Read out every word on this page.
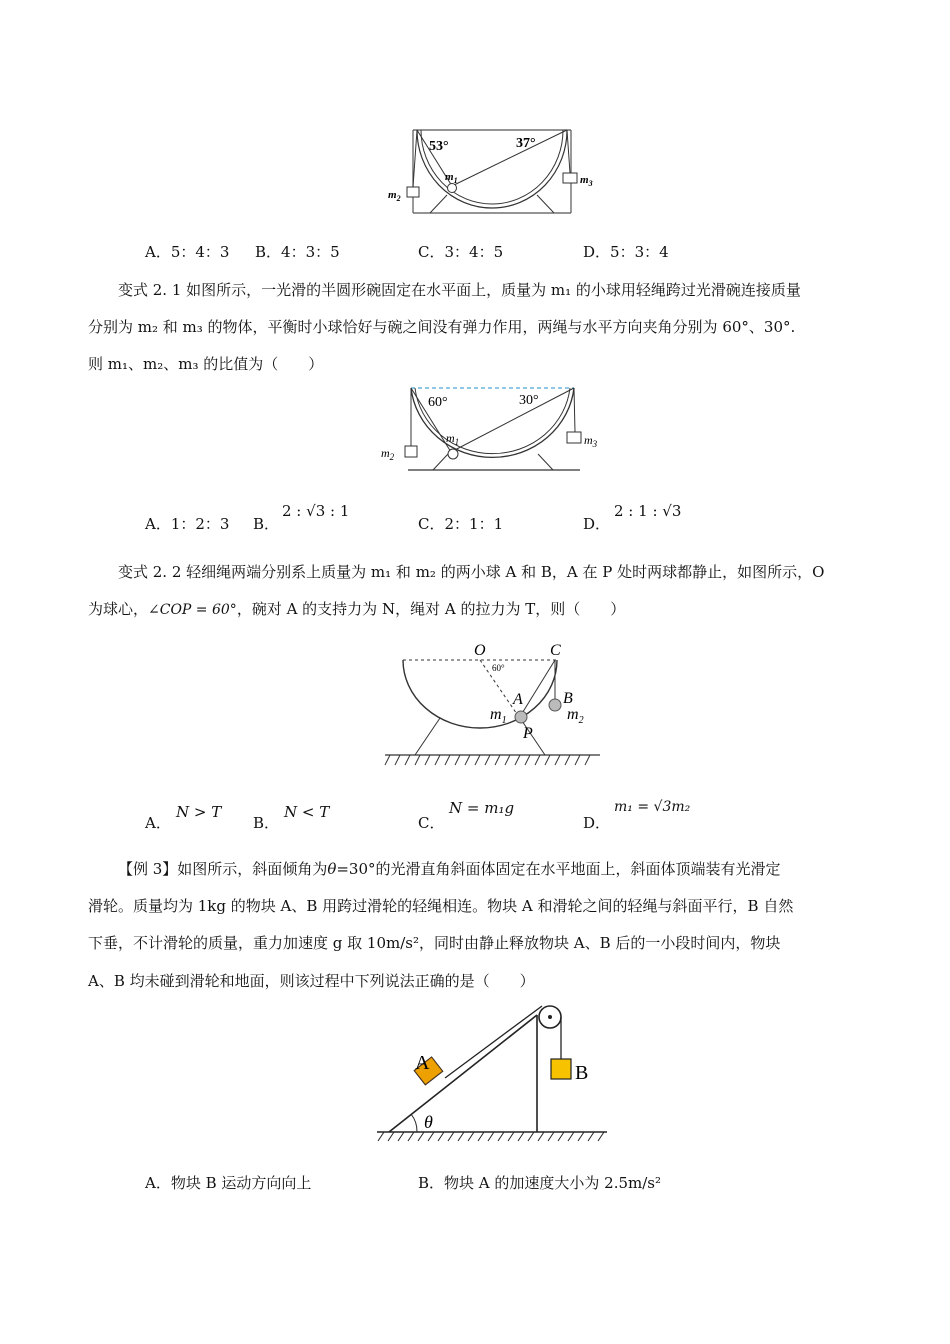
53°	37°
$m_1$
$m_2$
$m_3$
A．5：4：3 B．4：3：5	C．3：4：5	D．5：3：4
变式 2. 1 如图所示，一光滑的半圆形碗固定在水平面上，质量为 m₁ 的小球用轻绳跨过光滑碗连接质量
分别为 m₂ 和 m₃ 的物体，平衡时小球恰好与碗之间没有弹力作用，两绳与水平方向夹角分别为 60°、30°.
则 m₁、m₂、m₃ 的比值为（　　）
60°	30°
$m_1$
$m_2$
$m_3$
A．1：2：3 B．
2 : √3 : 1
C．2：1：1	D．
2 : 1 : √3
变式 2. 2 轻细绳两端分别系上质量为 m₁ 和 m₂ 的两小球 A 和 B，A 在 P 处时两球都静止，如图所示，O
为球心，∠COP = 60°，碗对 A 的支持力为 N，绳对 A 的拉力为 T，则（　　）
O	C
60°
A	B
P
$m_1$	$m_2$
A．
N > T
B．
N < T
C．
N = m₁g
D．
m₁ = √3m₂
【例 3】如图所示，斜面倾角为θ=30°的光滑直角斜面体固定在水平地面上，斜面体顶端装有光滑定
滑轮。质量均为 1kg 的物块 A、B 用跨过滑轮的轻绳相连。物块 A 和滑轮之间的轻绳与斜面平行，B 自然
下垂，不计滑轮的质量，重力加速度 g 取 10m/s²，同时由静止释放物块 A、B 后的一小段时间内，物块
A、B 均未碰到滑轮和地面，则该过程中下列说法正确的是（　　）
A	B
θ
A．物块 B 运动方向向上	B．物块 A 的加速度大小为 2.5m/s²
